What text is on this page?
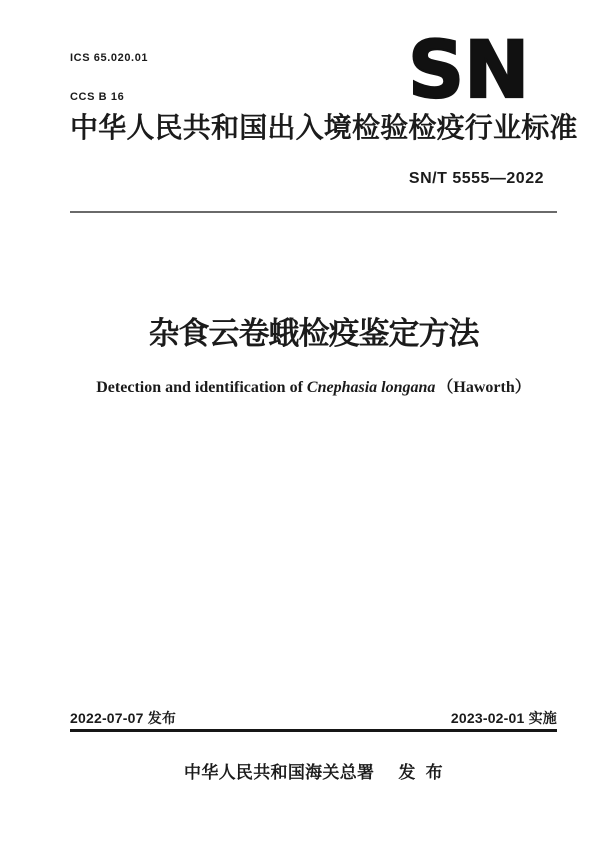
ICS 65.020.01

CCS B 16

	SN
中华人民共和国出入境检验检疫行业标准
SN/T 5555—2022
杂食云卷蛾检疫鉴定方法
Detection and identification of Cnephasia longana （Haworth）
2022-07-07 发布	2023-02-01 实施
中华人民共和国海关总署 发 布
